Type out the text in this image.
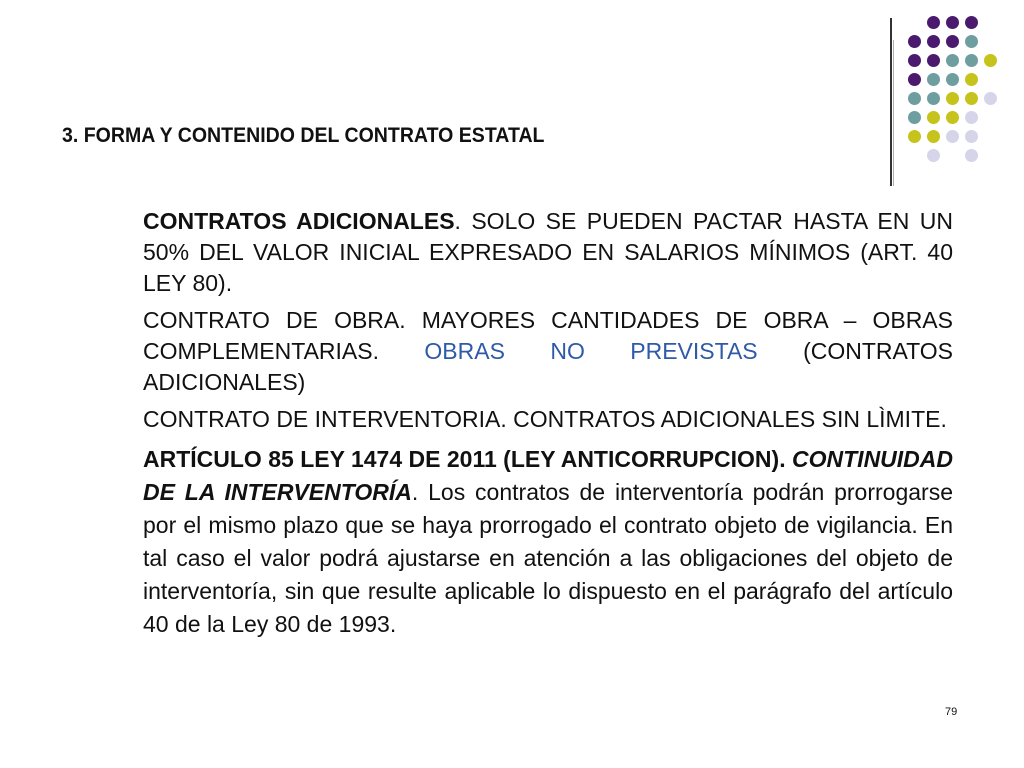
3. FORMA Y CONTENIDO DEL CONTRATO ESTATAL

CONTRATOS ADICIONALES. SOLO SE PUEDEN PACTAR HASTA EN UN 50% DEL VALOR INICIAL EXPRESADO EN SALARIOS MÍNIMOS (ART. 40 LEY 80).

CONTRATO DE OBRA. MAYORES CANTIDADES DE OBRA – OBRAS COMPLEMENTARIAS. OBRAS NO PREVISTAS (CONTRATOS ADICIONALES)

CONTRATO DE INTERVENTORIA. CONTRATOS ADICIONALES SIN LÌMITE.

ARTÍCULO 85 LEY 1474 DE 2011 (LEY ANTICORRUPCION). CONTINUIDAD DE LA INTERVENTORÍA. Los contratos de interventoría podrán prorrogarse por el mismo plazo que se haya prorrogado el contrato objeto de vigilancia. En tal caso el valor podrá ajustarse en atención a las obligaciones del objeto de interventoría, sin que resulte aplicable lo dispuesto en el parágrafo del artículo 40 de la Ley 80 de 1993.

79
